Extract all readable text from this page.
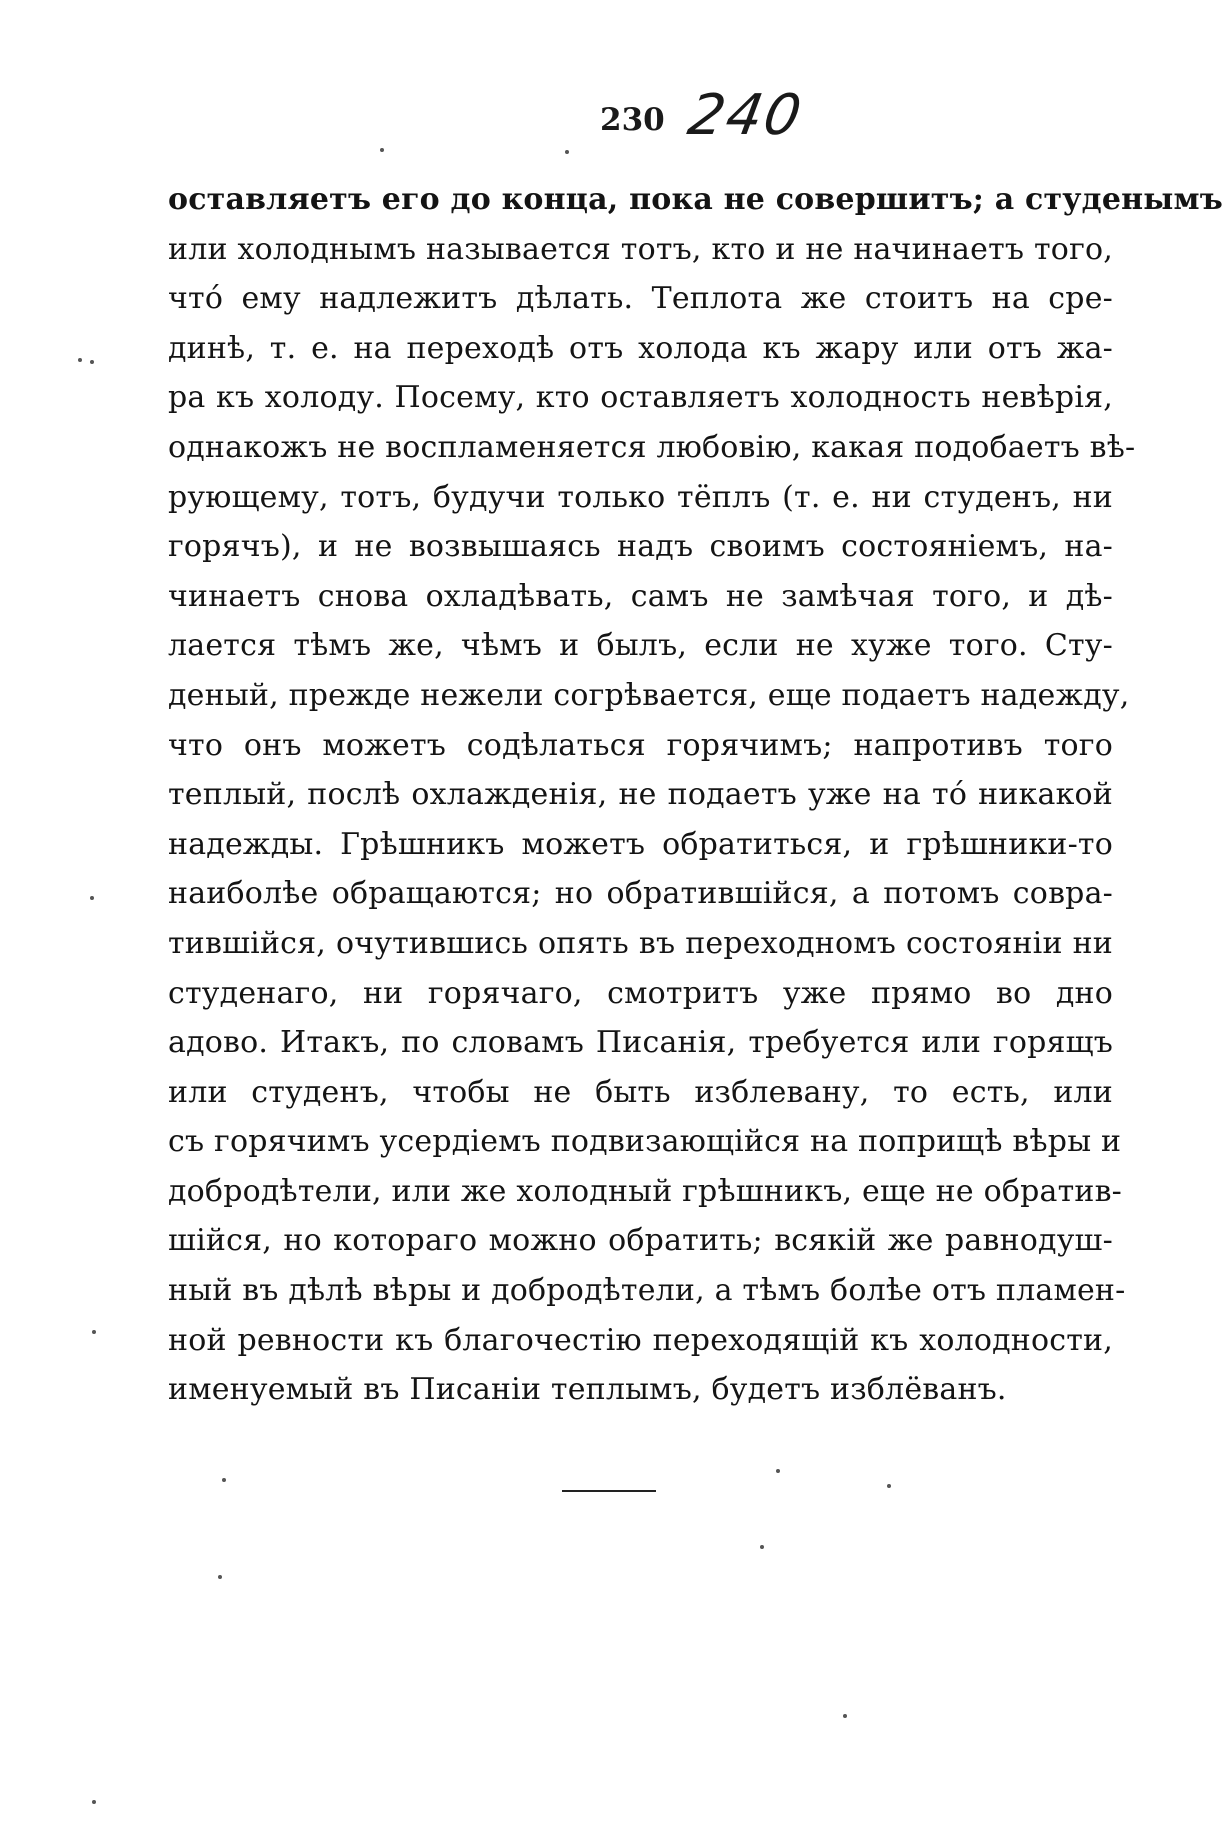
230 240
оставляетъ его до конца, пока не совершитъ; а студенымъ
или холоднымъ называется тотъ, кто и не начинаетъ того,
чтó ему надлежитъ дѣлать. Теплота же стоитъ на сре-
динѣ, т. е. на переходѣ отъ холода къ жару или отъ жа-
ра къ холоду. Посему, кто оставляетъ холодность невѣрія,
однакожъ не воспламеняется любовію, какая подобаетъ вѣ-
рующему, тотъ, будучи только тёплъ (т. е. ни студенъ, ни
горячъ), и не возвышаясь надъ своимъ состояніемъ, на-
чинаетъ снова охладѣвать, самъ не замѣчая того, и дѣ-
лается тѣмъ же, чѣмъ и былъ, если не хуже того. Сту-
деный, прежде нежели согрѣвается, еще подаетъ надежду,
что онъ можетъ содѣлаться горячимъ; напротивъ того
теплый, послѣ охлажденія, не подаетъ уже на тó никакой
надежды. Грѣшникъ можетъ обратиться, и грѣшники-то
наиболѣе обращаются; но обратившійся, а потомъ совра-
тившійся, очутившись опять въ переходномъ состояніи ни
студенаго, ни горячаго, смотритъ уже прямо во дно
адово. Итакъ, по словамъ Писанія, требуется или горящъ
или студенъ, чтобы не быть изблевану, то есть, или
съ горячимъ усердіемъ подвизающійся на поприщѣ вѣры и
добродѣтели, или же холодный грѣшникъ, еще не обратив-
шійся, но котораго можно обратить; всякій же равнодуш-
ный въ дѣлѣ вѣры и добродѣтели, а тѣмъ болѣе отъ пламен-
ной ревности къ благочестію переходящій къ холодности,
именуемый въ Писаніи теплымъ, будетъ изблёванъ.
